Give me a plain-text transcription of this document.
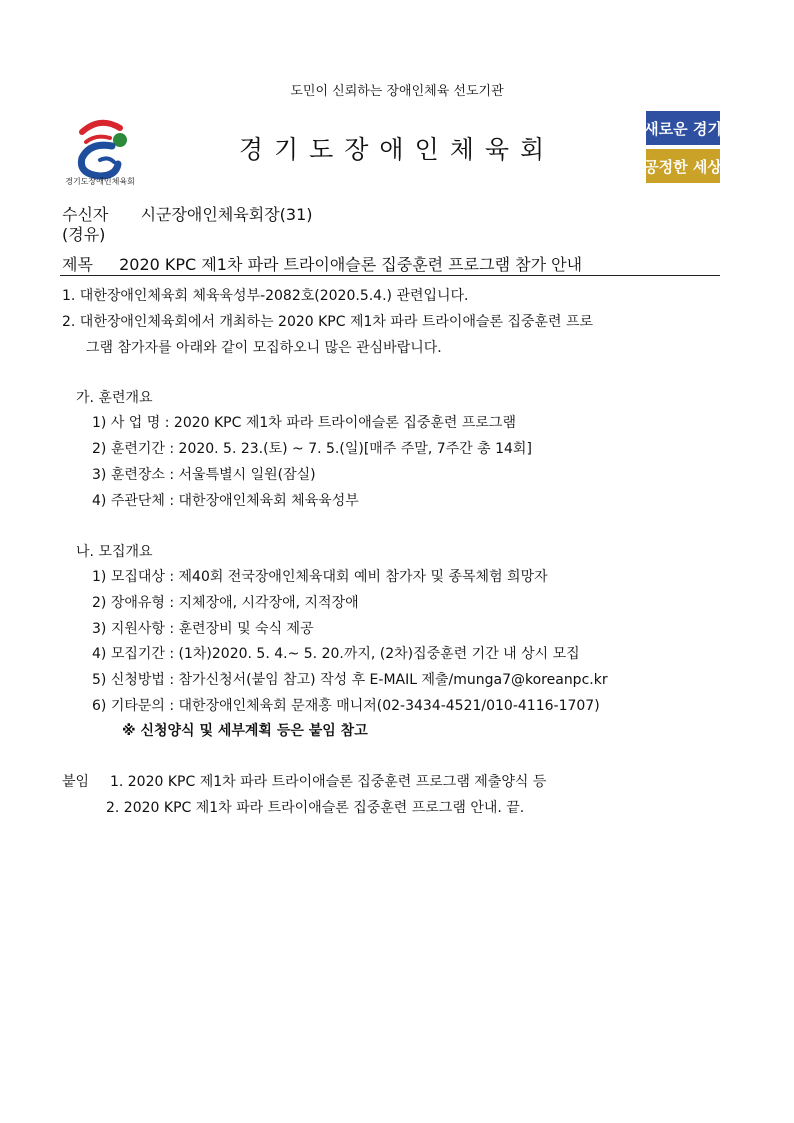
도민이 신뢰하는 장애인체육 선도기관
경기도장애인체육회
경기도장애인체육회
새로운 경기
공정한 세상
수신자 시군장애인체육회장(31)
(경유)
제목 2020 KPC 제1차 파라 트라이애슬론 집중훈련 프로그램 참가 안내
1. 대한장애인체육회 체육육성부-2082호(2020.5.4.) 관련입니다.
2. 대한장애인체육회에서 개최하는 2020 KPC 제1차 파라 트라이애슬론 집중훈련 프로
그램 참가자를 아래와 같이 모집하오니 많은 관심바랍니다.
가. 훈련개요
1) 사 업 명 : 2020 KPC 제1차 파라 트라이애슬론 집중훈련 프로그램
2) 훈련기간 : 2020. 5. 23.(토) ~ 7. 5.(일)[매주 주말, 7주간 총 14회]
3) 훈련장소 : 서울특별시 일원(잠실)
4) 주관단체 : 대한장애인체육회 체육육성부
나. 모집개요
1) 모집대상 : 제40회 전국장애인체육대회 예비 참가자 및 종목체험 희망자
2) 장애유형 : 지체장애, 시각장애, 지적장애
3) 지원사항 : 훈련장비 및 숙식 제공
4) 모집기간 : (1차)2020. 5. 4.~ 5. 20.까지, (2차)집중훈련 기간 내 상시 모집
5) 신청방법 : 참가신청서(붙임 참고) 작성 후 E-MAIL 제출/munga7@koreanpc.kr
6) 기타문의 : 대한장애인체육회 문재홍 매니저(02-3434-4521/010-4116-1707)
※ 신청양식 및 세부계획 등은 붙임 참고
붙임 1. 2020 KPC 제1차 파라 트라이애슬론 집중훈련 프로그램 제출양식 등
2. 2020 KPC 제1차 파라 트라이애슬론 집중훈련 프로그램 안내. 끝.
